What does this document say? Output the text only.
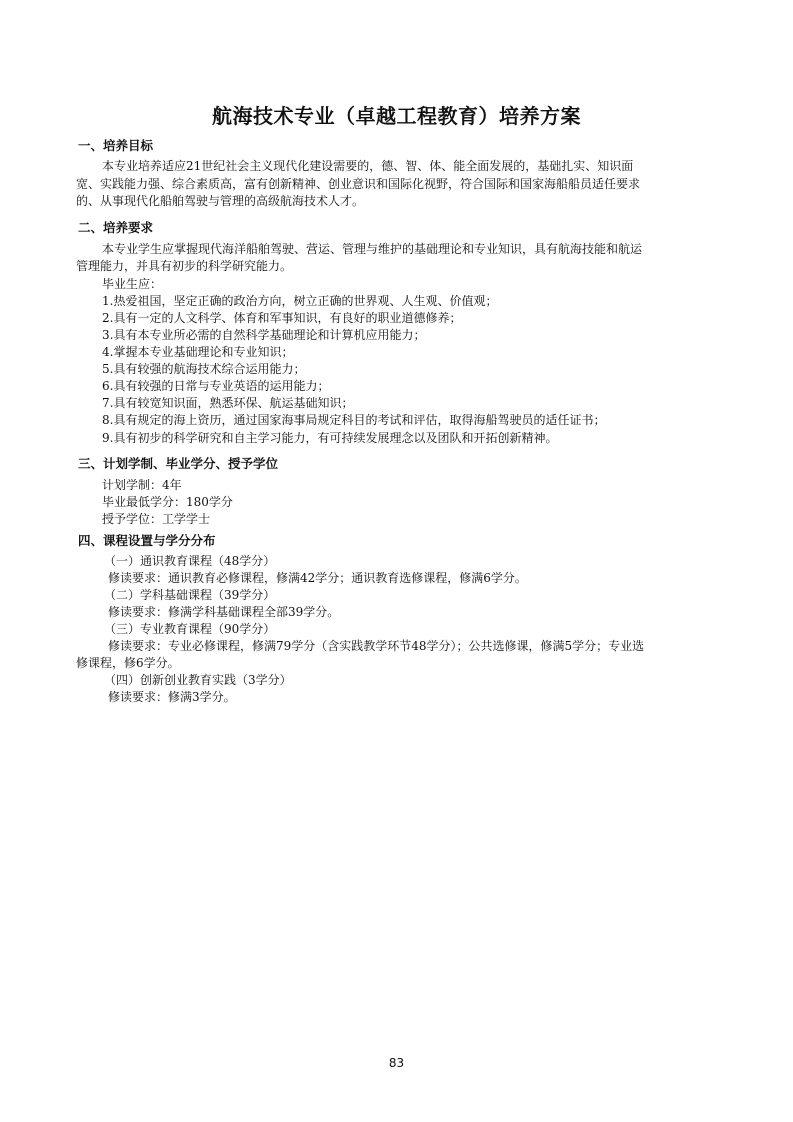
航海技术专业（卓越工程教育）培养方案
一、培养目标
本专业培养适应21世纪社会主义现代化建设需要的，德、智、体、能全面发展的，基础扎实、知识面
宽、实践能力强、综合素质高，富有创新精神、创业意识和国际化视野，符合国际和国家海船船员适任要求
的、从事现代化船舶驾驶与管理的高级航海技术人才。
二、培养要求
本专业学生应掌握现代海洋船舶驾驶、营运、管理与维护的基础理论和专业知识，具有航海技能和航运
管理能力，并具有初步的科学研究能力。
毕业生应：
1.热爱祖国，坚定正确的政治方向，树立正确的世界观、人生观、价值观；
2.具有一定的人文科学、体育和军事知识，有良好的职业道德修养；
3.具有本专业所必需的自然科学基础理论和计算机应用能力；
4.掌握本专业基础理论和专业知识；
5.具有较强的航海技术综合运用能力；
6.具有较强的日常与专业英语的运用能力；
7.具有较宽知识面，熟悉环保、航运基础知识；
8.具有规定的海上资历，通过国家海事局规定科目的考试和评估，取得海船驾驶员的适任证书；
9.具有初步的科学研究和自主学习能力，有可持续发展理念以及团队和开拓创新精神。
三、计划学制、毕业学分、授予学位
计划学制：4年
毕业最低学分：180学分
授予学位：工学学士
四、课程设置与学分分布
（一）通识教育课程（48学分）
修读要求：通识教育必修课程，修满42学分；通识教育选修课程，修满6学分。
（二）学科基础课程（39学分）
修读要求：修满学科基础课程全部39学分。
（三）专业教育课程（90学分）
修读要求：专业必修课程，修满79学分（含实践教学环节48学分）；公共选修课，修满5学分；专业选
修课程，修6学分。
（四）创新创业教育实践（3学分）
修读要求：修满3学分。
83
